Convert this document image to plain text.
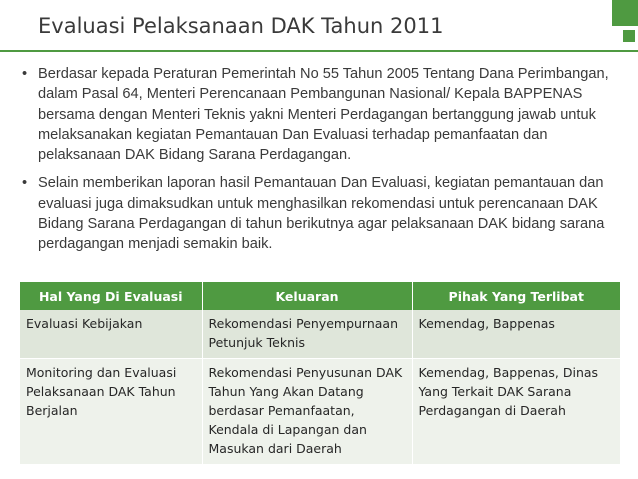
Evaluasi Pelaksanaan DAK Tahun 2011
• Berdasar kepada Peraturan Pemerintah No 55 Tahun 2005 Tentang Dana Perimbangan, dalam Pasal 64, Menteri Perencanaan Pembangunan Nasional/ Kepala BAPPENAS bersama dengan Menteri Teknis yakni Menteri Perdagangan bertanggung jawab untuk melaksanakan kegiatan Pemantauan Dan Evaluasi terhadap pemanfaatan dan pelaksanaan DAK Bidang Sarana Perdagangan.
• Selain memberikan laporan hasil Pemantauan Dan Evaluasi, kegiatan pemantauan dan evaluasi juga dimaksudkan untuk menghasilkan rekomendasi untuk perencanaan DAK Bidang Sarana Perdagangan di tahun berikutnya agar pelaksanaan DAK bidang sarana perdagangan menjadi semakin baik.
Hal Yang Di Evaluasi	Keluaran	Pihak Yang Terlibat
Evaluasi Kebijakan	Rekomendasi Penyempurnaan Petunjuk Teknis	Kemendag, Bappenas
Monitoring dan Evaluasi Pelaksanaan DAK Tahun Berjalan	Rekomendasi Penyusunan DAK Tahun Yang Akan Datang berdasar Pemanfaatan, Kendala di Lapangan dan Masukan dari Daerah	Kemendag, Bappenas, Dinas Yang Terkait DAK Sarana Perdagangan di Daerah
